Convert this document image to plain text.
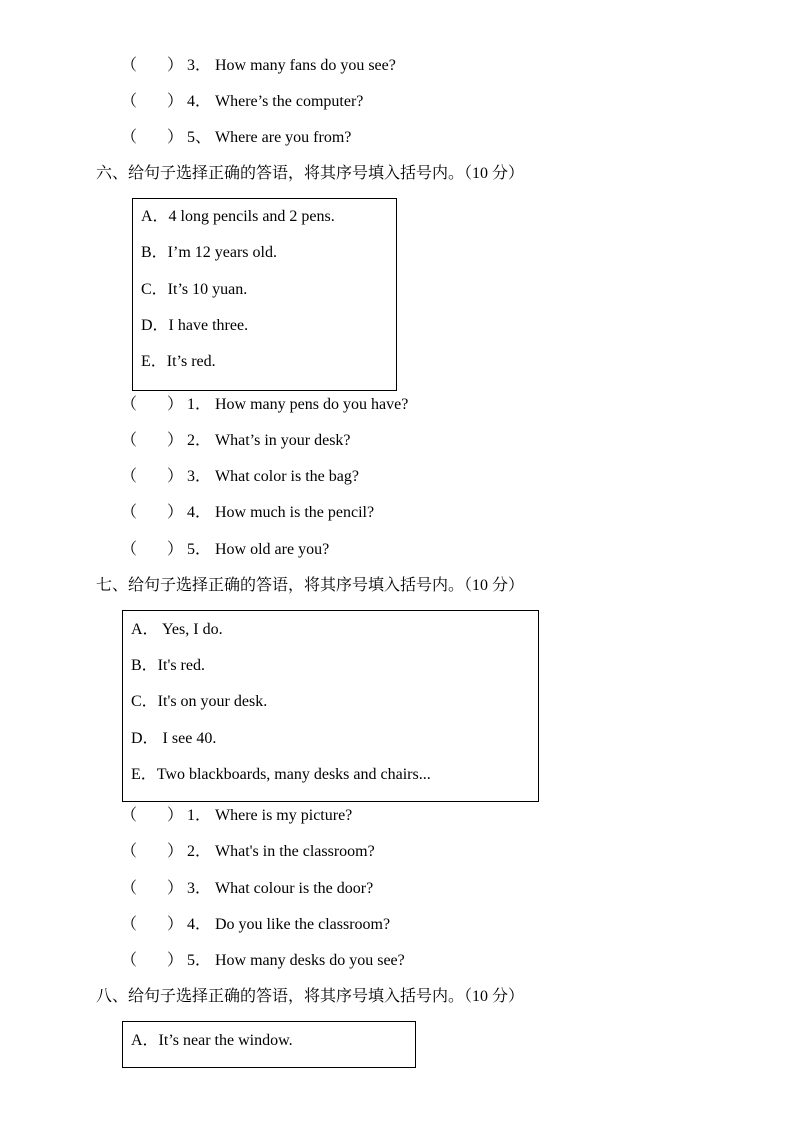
（ ） 3． How many fans do you see?
（ ） 4． Where’s the computer?
（ ） 5、 Where are you from?
六、给句子选择正确的答语，将其序号填入括号内。（10 分）
A．4 long pencils and 2 pens.
B．I’m 12 years old.
C．It’s 10 yuan.
D．I have three.
E．It’s red.
（ ） 1． How many pens do you have?
（ ） 2． What’s in your desk?
（ ） 3． What color is the bag?
（ ） 4． How much is the pencil?
（ ） 5． How old are you?
七、给句子选择正确的答语，将其序号填入括号内。（10 分）
A． Yes, I do.
B．It's red.
C．It's on your desk.
D． I see 40.
E．Two blackboards, many desks and chairs...
（ ） 1． Where is my picture?
（ ） 2． What's in the classroom?
（ ） 3． What colour is the door?
（ ） 4． Do you like the classroom?
（ ） 5． How many desks do you see?
八、给句子选择正确的答语，将其序号填入括号内。（10 分）
A．It’s near the window.
